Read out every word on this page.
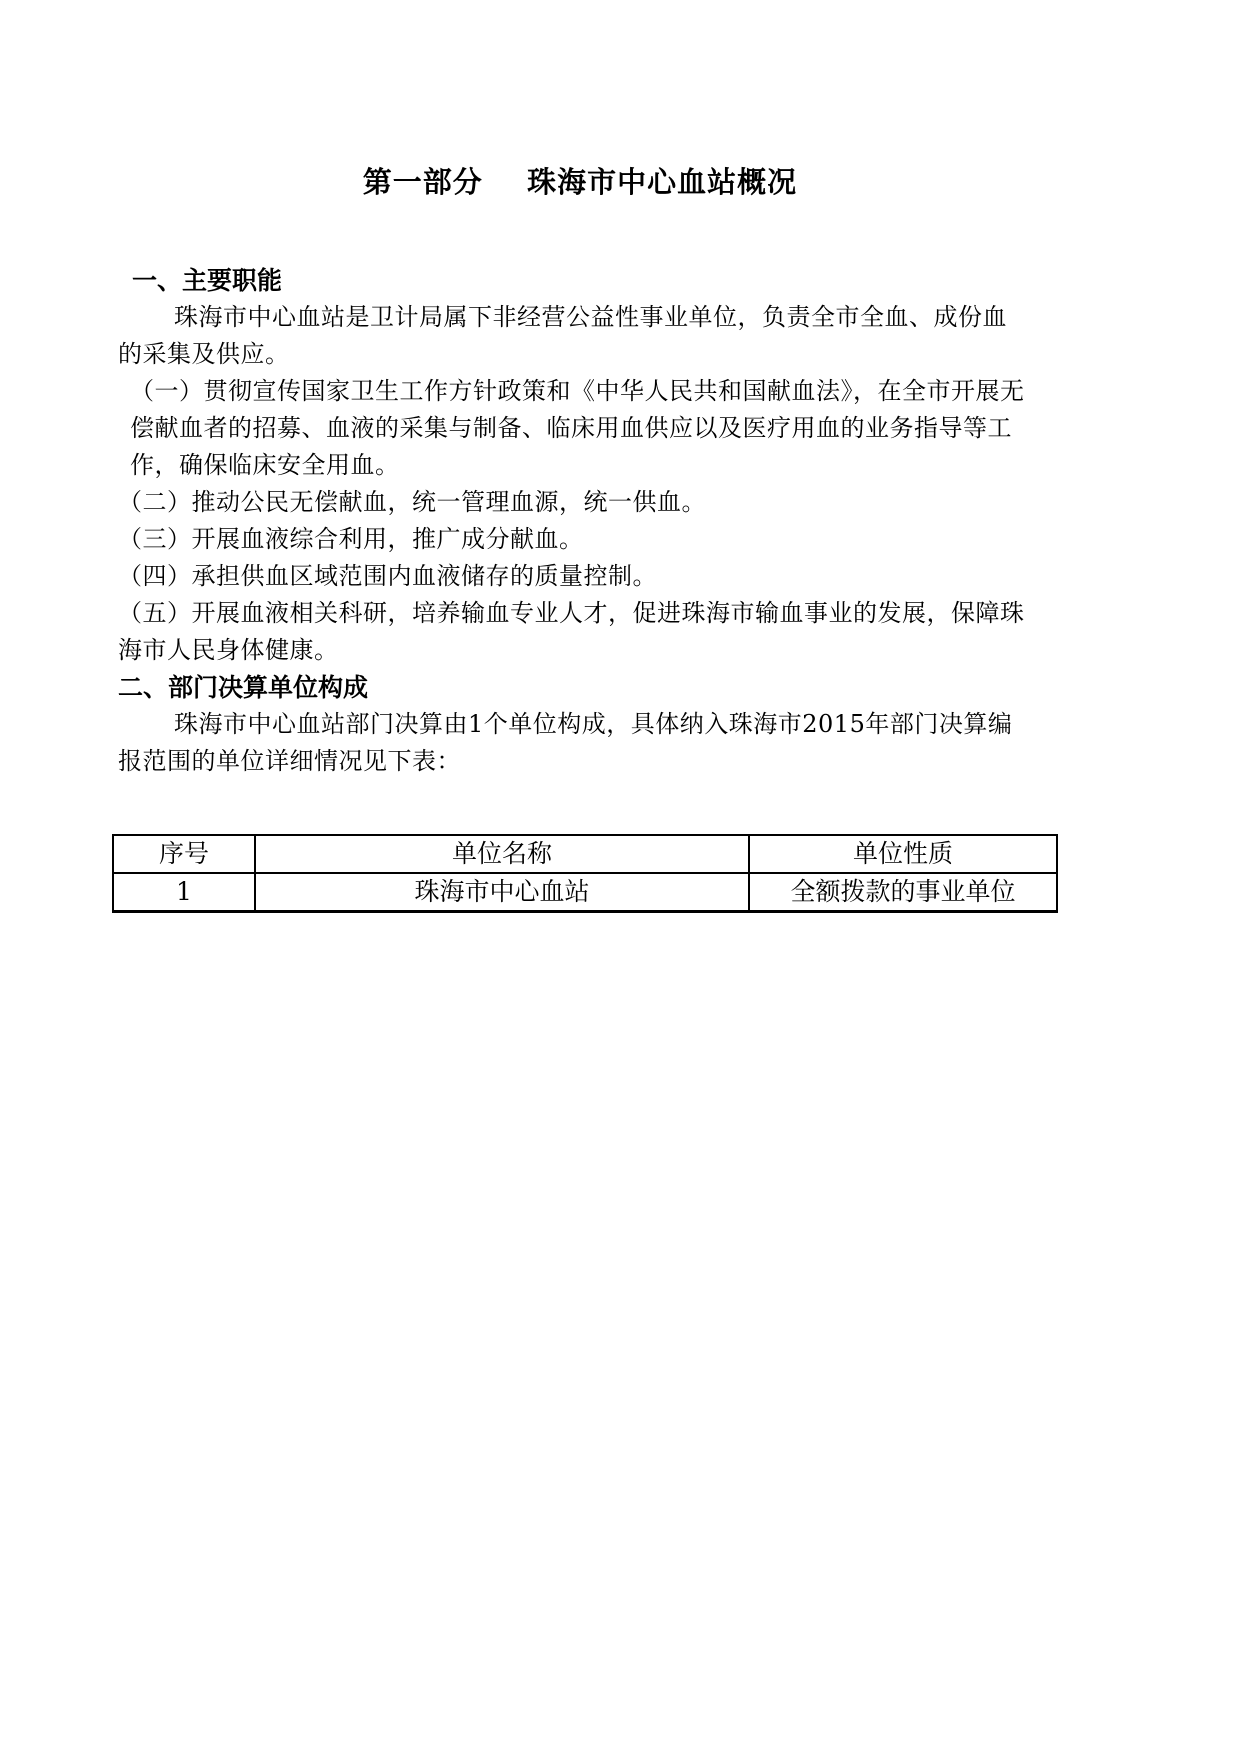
第一部分    珠海市中心血站概况
一、主要职能

珠海市中心血站是卫计局属下非经营公益性事业单位，负责全市全血、成份血的采集及供应。

（一）贯彻宣传国家卫生工作方针政策和《中华人民共和国献血法》，在全市开展无偿献血者的招募、血液的采集与制备、临床用血供应以及医疗用血的业务指导等工作，确保临床安全用血。

（二）推动公民无偿献血，统一管理血源，统一供血。

（三）开展血液综合利用，推广成分献血。

（四）承担供血区域范围内血液储存的质量控制。

（五）开展血液相关科研，培养输血专业人才，促进珠海市输血事业的发展，保障珠海市人民身体健康。

二、部门决算单位构成

珠海市中心血站部门决算由1个单位构成，具体纳入珠海市2015年部门决算编报范围的单位详细情况见下表：

序号	单位名称	单位性质
1	珠海市中心血站	全额拨款的事业单位
